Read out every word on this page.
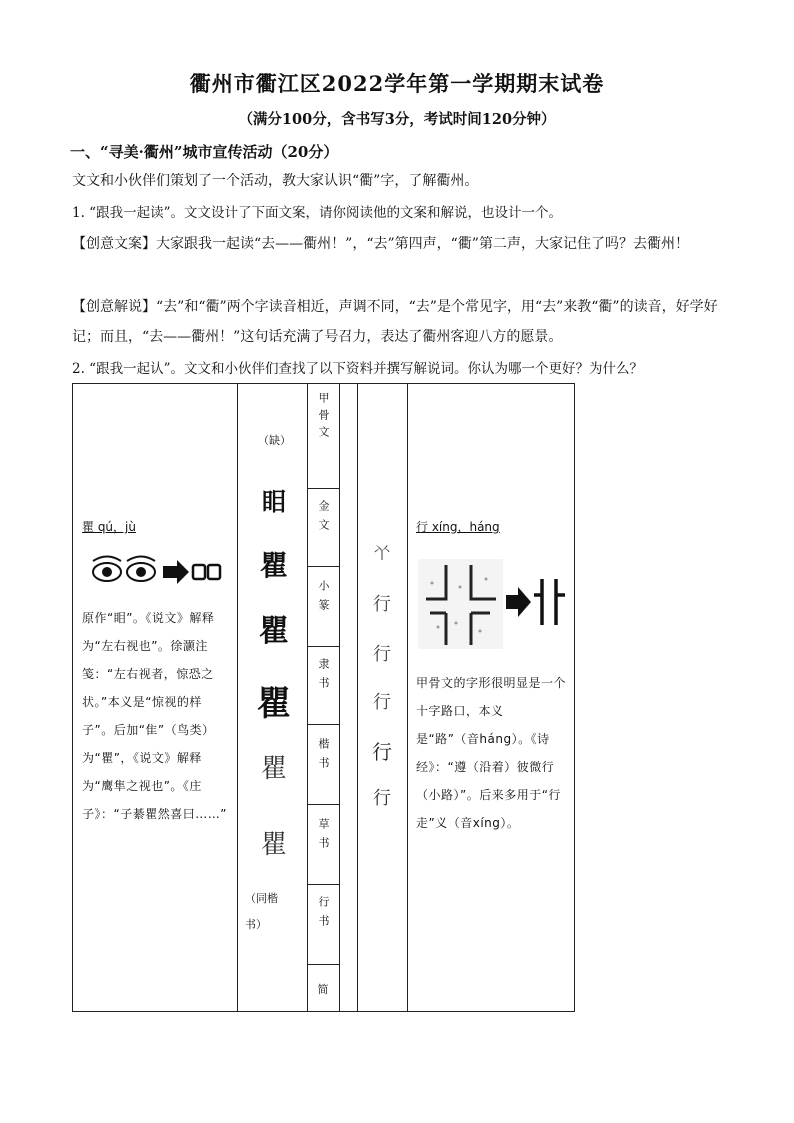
衢州市衢江区2022学年第一学期期末试卷
（满分100分，含书写3分，考试时间120分钟）
一、“寻美·衢州”城市宣传活动（20分）
文文和小伙伴们策划了一个活动，教大家认识“衢”字，了解衢州。
1. “跟我一起读”。文文设计了下面文案，请你阅读他的文案和解说，也设计一个。
【创意文案】大家跟我一起读“去——衢州！”，“去”第四声，“衢”第二声，大家记住了吗？去衢州！
【创意解说】“去”和“衢”两个字读音相近，声调不同，“去”是个常见字，用“去”来教“衢”的读音，好学好记；而且，“去——衢州！”这句话充满了号召力，表达了衢州客迎八方的愿景。
2. “跟我一起认”。文文和小伙伴们查找了以下资料并撰写解说词。你认为哪一个更好？为什么？
瞿 qú，jù
原作“䀠”。《说文》解释为“左右视也”。徐灏注笺：“左右视者，惊恐之状。”本义是“惊视的样子”。后加“隹”（鸟类）为“瞿”，《说文》解释为“鹰隼之视也”。《庄子》：“子綦瞿然喜曰……”
（缺）
䀠
瞿
瞿
瞿
瞿
瞿
（同楷书）
甲骨文
金文
小篆
隶书
楷书
草书
行书
简
𠁥
行
行
行
行
行
行 xíng，háng
甲骨文的字形很明显是一个十字路口，本义是“路”（音háng）。《诗经》：“遵（沿着）彼微行（小路）”。后来多用于“行走”义（音xíng）。
